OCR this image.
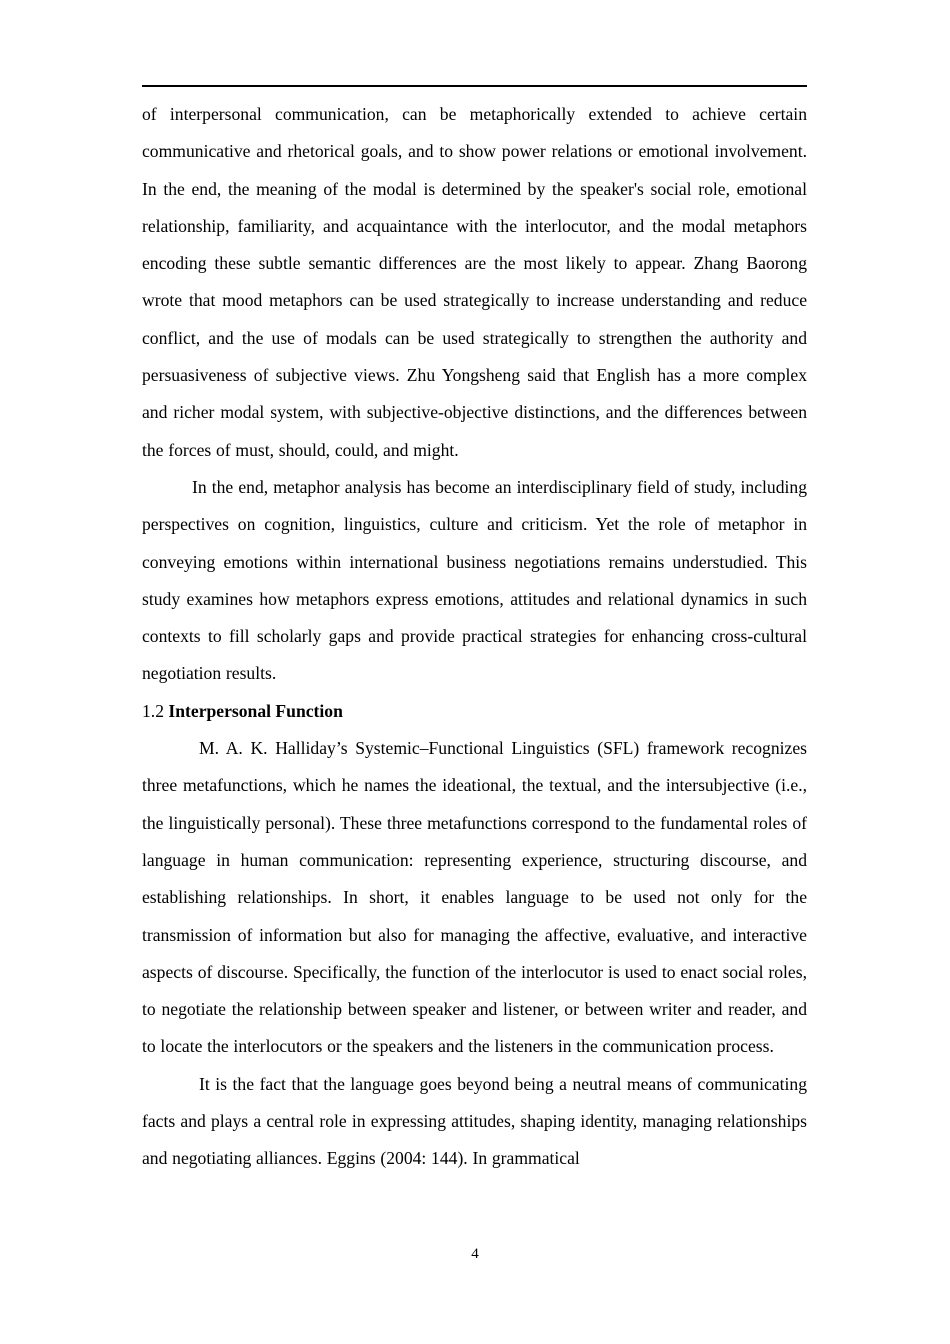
of interpersonal communication, can be metaphorically extended to achieve certain communicative and rhetorical goals, and to show power relations or emotional involvement. In the end, the meaning of the modal is determined by the speaker's social role, emotional relationship, familiarity, and acquaintance with the interlocutor, and the modal metaphors encoding these subtle semantic differences are the most likely to appear. Zhang Baorong wrote that mood metaphors can be used strategically to increase understanding and reduce conflict, and the use of modals can be used strategically to strengthen the authority and persuasiveness of subjective views. Zhu Yongsheng said that English has a more complex and richer modal system, with subjective-objective distinctions, and the differences between the forces of must, should, could, and might.

In the end, metaphor analysis has become an interdisciplinary field of study, including perspectives on cognition, linguistics, culture and criticism. Yet the role of metaphor in conveying emotions within international business negotiations remains understudied. This study examines how metaphors express emotions, attitudes and relational dynamics in such contexts to fill scholarly gaps and provide practical strategies for enhancing cross-cultural negotiation results.

1.2 Interpersonal Function

M. A. K. Halliday’s Systemic–Functional Linguistics (SFL) framework recognizes three metafunctions, which he names the ideational, the textual, and the intersubjective (i.e., the linguistically personal). These three metafunctions correspond to the fundamental roles of language in human communication: representing experience, structuring discourse, and establishing relationships. In short, it enables language to be used not only for the transmission of information but also for managing the affective, evaluative, and interactive aspects of discourse. Specifically, the function of the interlocutor is used to enact social roles, to negotiate the relationship between speaker and listener, or between writer and reader, and to locate the interlocutors or the speakers and the listeners in the communication process.

It is the fact that the language goes beyond being a neutral means of communicating facts and plays a central role in expressing attitudes, shaping identity, managing relationships and negotiating alliances. Eggins (2004: 144). In grammatical

4
